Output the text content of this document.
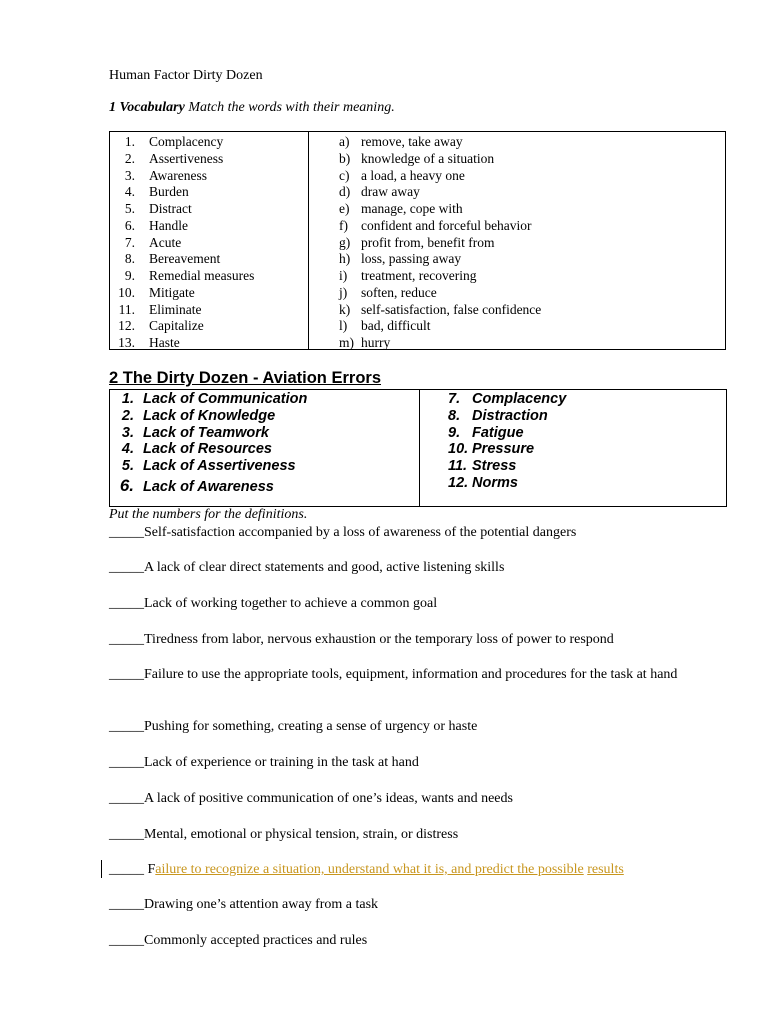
Human Factor Dirty Dozen
1 Vocabulary Match the words with their meaning.
1. Complacency
2. Assertiveness
3. Awareness
4. Burden
5. Distract
6. Handle
7. Acute
8. Bereavement
9. Remedial measures
10. Mitigate
11. Eliminate
12. Capitalize
13. Haste
a) remove, take away
b) knowledge of a situation
c) a load, a heavy one
d) draw away
e) manage, cope with
f) confident and forceful behavior
g) profit from, benefit from
h) loss, passing away
i) treatment, recovering
j) soften, reduce
k) self-satisfaction, false confidence
l) bad, difficult
m) hurry
2 The Dirty Dozen - Aviation Errors
1. Lack of Communication
2. Lack of Knowledge
3. Lack of Teamwork
4. Lack of Resources
5. Lack of Assertiveness
6. Lack of Awareness
7. Complacency
8. Distraction
9. Fatigue
10. Pressure
11. Stress
12. Norms
Put the numbers for the definitions.
_____Self-satisfaction accompanied by a loss of awareness of the potential dangers
_____A lack of clear direct statements and good, active listening skills
_____Lack of working together to achieve a common goal
_____Tiredness from labor, nervous exhaustion or the temporary loss of power to respond
_____Failure to use the appropriate tools, equipment, information and procedures for the task at hand
_____Pushing for something, creating a sense of urgency or haste
_____Lack of experience or training in the task at hand
_____A lack of positive communication of one’s ideas, wants and needs
_____Mental, emotional or physical tension, strain, or distress
_____ Failure to recognize a situation, understand what it is, and predict the possible results
_____Drawing one’s attention away from a task
_____Commonly accepted practices and rules
